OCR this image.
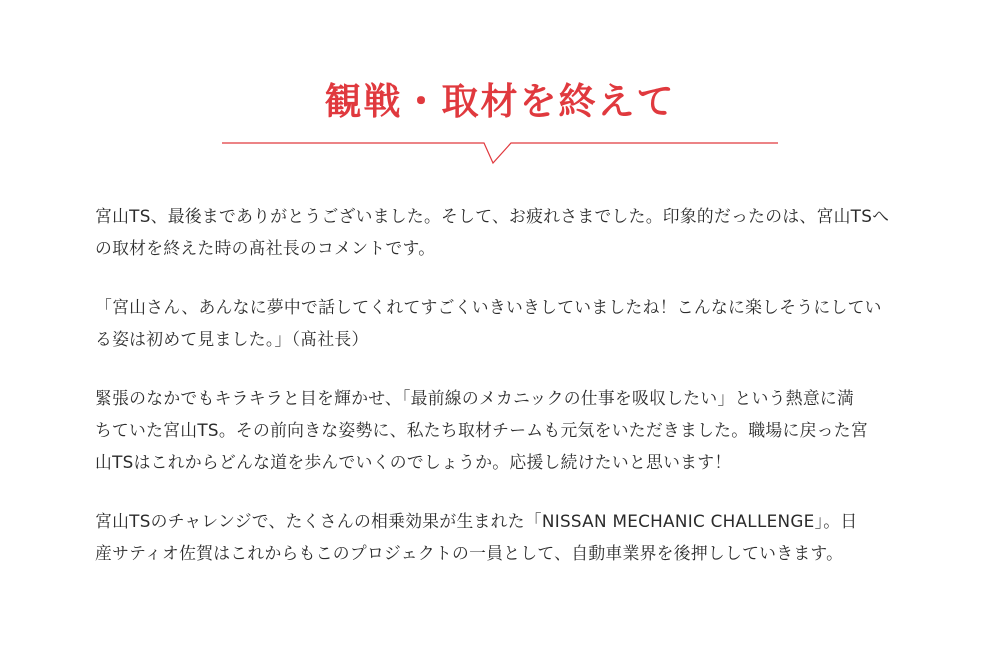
観戦・取材を終えて

宮山TS、最後まであ​りがとうございました。そして、お疲れさまでした。印象的だったのは、宮山TSへ
の取材を終えた時の髙社長のコメントです。

「宮山さん、あんなに夢中で話してくれてすごくいきいきしていましたね！こんなに楽しそうにしてい
る姿は初めて見ました。」（髙社長）

緊張のなかでもキラキラと目を輝かせ、「最前線のメカニックの仕事を吸収したい」という熱意に満
ちていた宮山TS。その前向きな姿勢に、私たち取材チームも元気をいただきました。職場に戻った宮
山TSはこれからどんな道を歩んでいくのでしょうか。応援し続けたいと思います！

宮山TSのチャレンジで、たくさんの相乗効果が生まれた「NISSAN MECHANIC CHALLENGE」。日
産サティオ佐賀はこれからもこのプロジェクトの一員として、自動車業界を後押ししていきます。
